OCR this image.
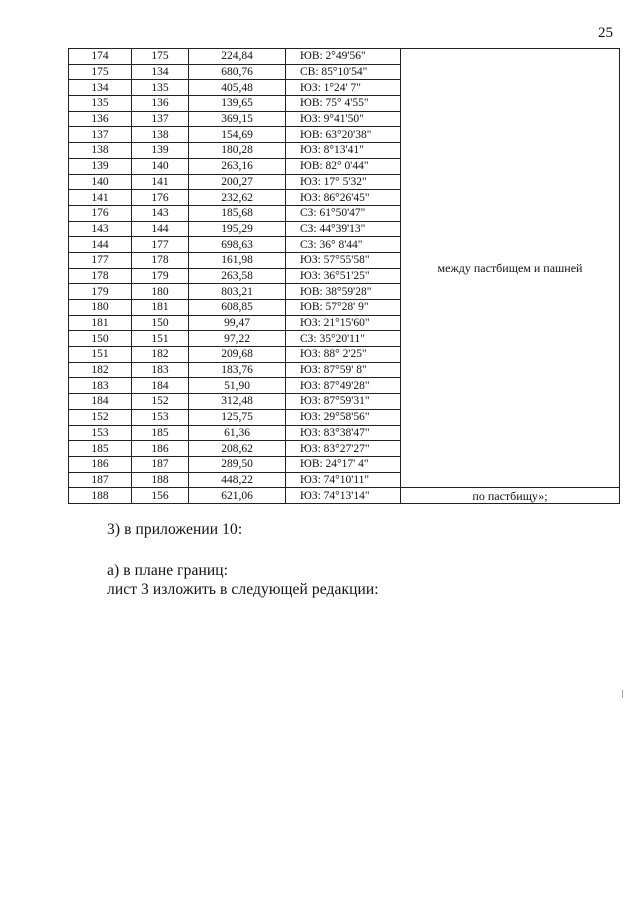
25
174	175	224,84	ЮВ: 2°49'56"	между пастбищем и пашней
175	134	680,76	СВ: 85°10'54"	
134	135	405,48	ЮЗ: 1°24' 7"	
135	136	139,65	ЮВ: 75° 4'55"	
136	137	369,15	ЮЗ: 9°41'50"	
137	138	154,69	ЮВ: 63°20'38"	
138	139	180,28	ЮЗ: 8°13'41"	
139	140	263,16	ЮВ: 82° 0'44"	
140	141	200,27	ЮЗ: 17° 5'32"	
141	176	232,62	ЮЗ: 86°26'45"	
176	143	185,68	СЗ: 61°50'47"	
143	144	195,29	СЗ: 44°39'13"	
144	177	698,63	СЗ: 36° 8'44"	
177	178	161,98	ЮЗ: 57°55'58"	
178	179	263,58	ЮЗ: 36°51'25"	
179	180	803,21	ЮВ: 38°59'28"	
180	181	608,85	ЮВ: 57°28' 9"	
181	150	99,47	ЮЗ: 21°15'60"	
150	151	97,22	СЗ: 35°20'11"	
151	182	209,68	ЮЗ: 88° 2'25"	
182	183	183,76	ЮЗ: 87°59' 8"	
183	184	51,90	ЮЗ: 87°49'28"	
184	152	312,48	ЮЗ: 87°59'31"	
152	153	125,75	ЮЗ: 29°58'56"	
153	185	61,36	ЮЗ: 83°38'47"	
185	186	208,62	ЮЗ: 83°27'27"	
186	187	289,50	ЮВ: 24°17' 4"	
187	188	448,22	ЮЗ: 74°10'11"	
188	156	621,06	ЮЗ: 74°13'14"	по пастбищу»;
3) в приложении 10:
а) в плане границ:
лист 3 изложить в следующей редакции:
